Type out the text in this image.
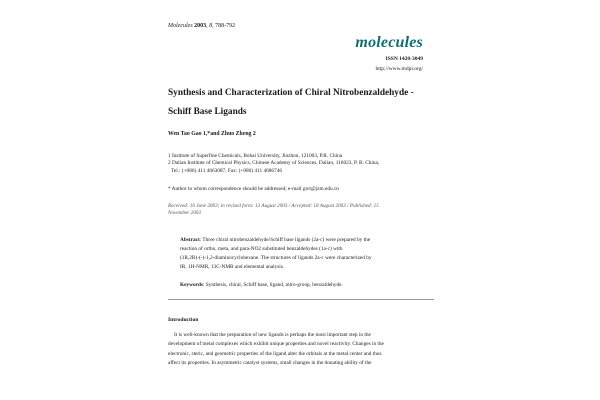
Molecules 2003, 8, 788-792
molecules
ISSN 1420-3049
http://www.mdpi.org/
Synthesis and Characterization of Chiral Nitrobenzaldehyde -
Schiff Base Ligands
Wen Tao Gao 1,*and Zhuo Zheng 2
1 Institute of Superfine Chemicals, Bohai University, Jinzhou, 121003, P.R. China
2 Dalian Institute of Chemical Physics, Chinese Academy of Sciences, Dalian, 116023, P. R. China,
Tel.: (+086) 411 4663087, Fax: (+086) 411 4686746
* Author to whom correspondence should be addressed; e-mail gwt@jzm.edu.cn
Received: 10 June 2003; in revised form: 13 August 2003 / Accepted: 18 August 2003 / Published: 15
November 2003
Abstract: Three chiral nitrobenzaldehyde/Schiff base ligands (2a-c) were prepared by the
reaction of ortho, meta, and para-NO2 substituted benzaldehydes (1a-c) with
(1R,2R)-(-)-1,2-diaminocyclohexane. The structures of ligands 2a-c were characterized by
IR, 1H-NMR, 13C-NMR and elemental analysis.
Keywords: Synthesis, chiral, Schiff base, ligand, nitro-group, benzaldehyde.
Introduction
It is well-known that the preparation of new ligands is perhaps the most important step in the
development of metal complexes which exhibit unique properties and novel reactivity. Changes in the
electronic, steric, and geometric properties of the ligand alter the orbitals at the metal center and thus
affect its properties. In asymmetric catalyst systems, small changes in the donating ability of the
